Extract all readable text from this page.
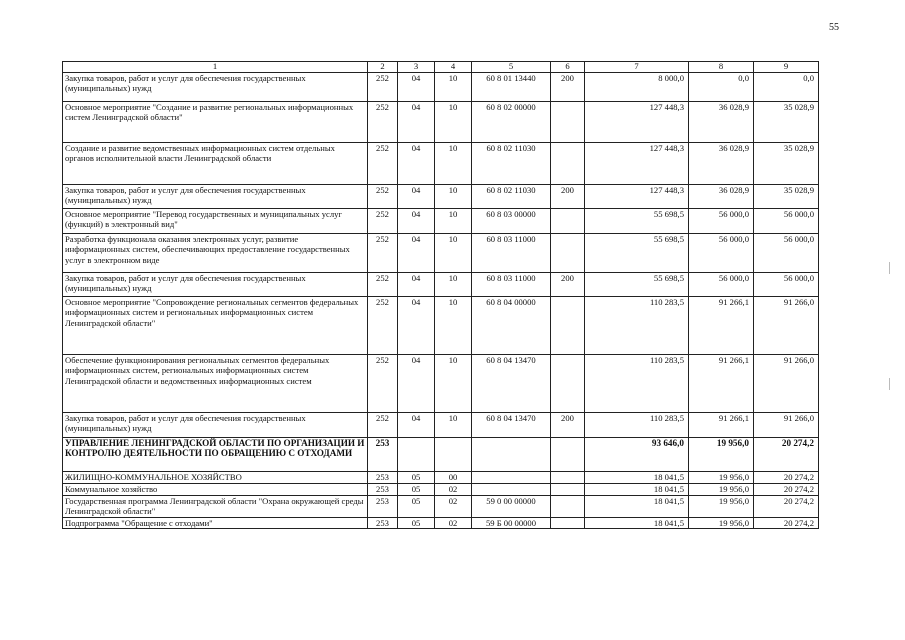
55
1	2	3	4	5	6	7	8	9
Закупка товаров, работ и услуг для обеспечения государственных (муниципальных) нужд	252	04	10	60 8 01 13440	200	8 000,0	0,0	0,0
Основное мероприятие "Создание и развитие региональных информационных систем Ленинградской области"	252	04	10	60 8 02 00000		127 448,3	36 028,9	35 028,9
Создание и развитие ведомственных информационных систем отдельных органов исполнительной власти Ленинградской области	252	04	10	60 8 02 11030		127 448,3	36 028,9	35 028,9
Закупка товаров, работ и услуг для обеспечения государственных (муниципальных) нужд	252	04	10	60 8 02 11030	200	127 448,3	36 028,9	35 028,9
Основное мероприятие "Перевод государственных и муниципальных услуг (функций) в электронный вид"	252	04	10	60 8 03 00000		55 698,5	56 000,0	56 000,0
Разработка функционала оказания электронных услуг, развитие информационных систем, обеспечивающих предоставление государственных услуг в электронном виде	252	04	10	60 8 03 11000		55 698,5	56 000,0	56 000,0
Закупка товаров, работ и услуг для обеспечения государственных (муниципальных) нужд	252	04	10	60 8 03 11000	200	55 698,5	56 000,0	56 000,0
Основное мероприятие "Сопровождение региональных сегментов федеральных информационных систем и региональных информационных систем Ленинградской области"	252	04	10	60 8 04 00000		110 283,5	91 266,1	91 266,0
Обеспечение функционирования региональных сегментов федеральных информационных систем, региональных информационных систем Ленинградской области и ведомственных информационных систем	252	04	10	60 8 04 13470		110 283,5	91 266,1	91 266,0
Закупка товаров, работ и услуг для обеспечения государственных (муниципальных) нужд	252	04	10	60 8 04 13470	200	110 283,5	91 266,1	91 266,0
УПРАВЛЕНИЕ ЛЕНИНГРАДСКОЙ ОБЛАСТИ ПО ОРГАНИЗАЦИИ И КОНТРОЛЮ ДЕЯТЕЛЬНОСТИ ПО ОБРАЩЕНИЮ С ОТХОДАМИ	253					93 646,0	19 956,0	20 274,2
ЖИЛИЩНО-КОММУНАЛЬНОЕ ХОЗЯЙСТВО	253	05	00			18 041,5	19 956,0	20 274,2
Коммунальное хозяйство	253	05	02			18 041,5	19 956,0	20 274,2
Государственная программа Ленинградской области "Охрана окружающей среды Ленинградской области"	253	05	02	59 0 00 00000		18 041,5	19 956,0	20 274,2
Подпрограмма "Обращение с отходами"	253	05	02	59 Б 00 00000		18 041,5	19 956,0	20 274,2
